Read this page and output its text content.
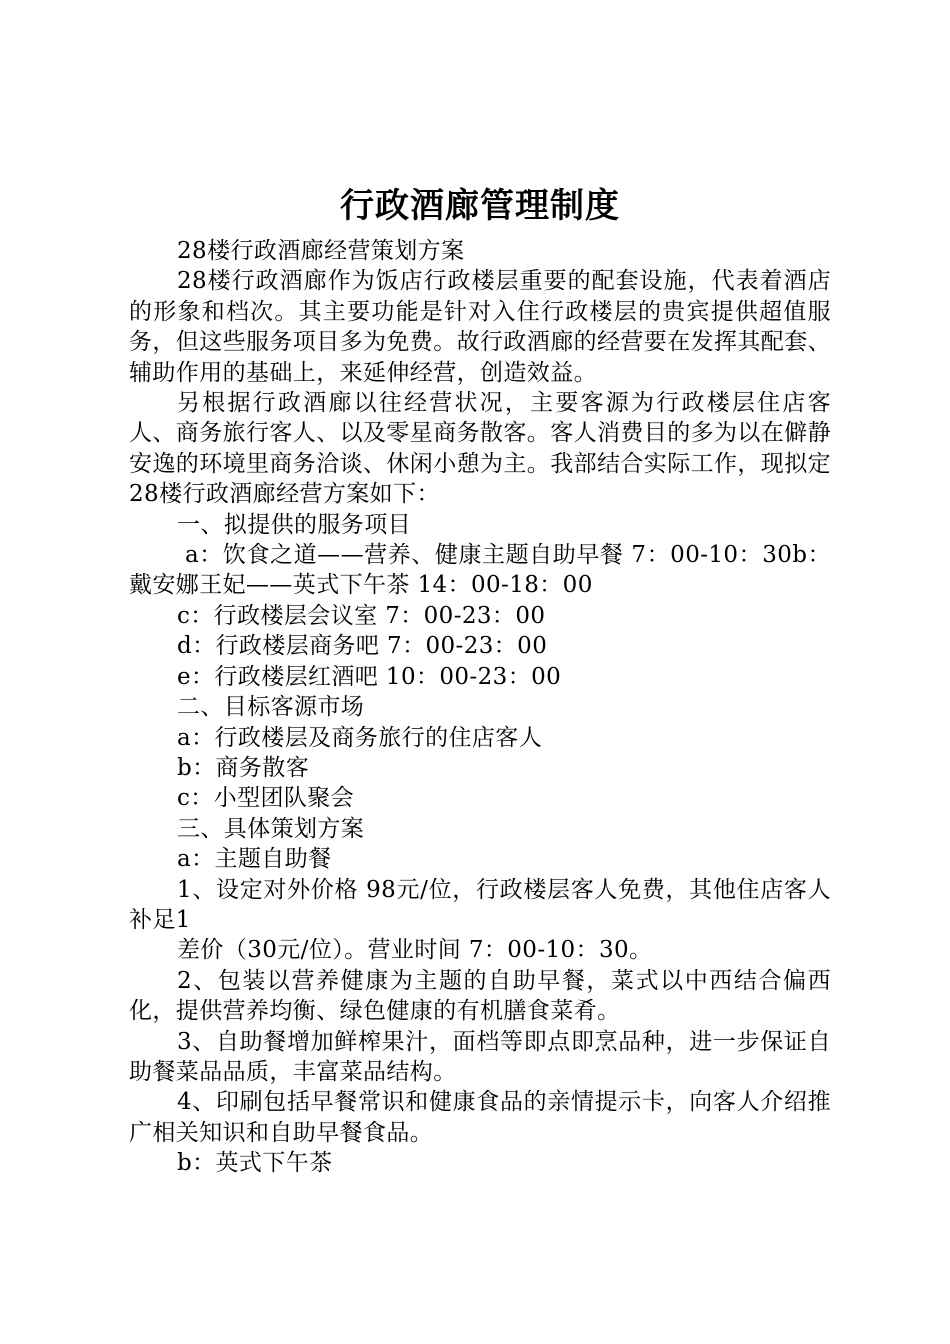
行政酒廊管理制度

28楼行政酒廊经营策划方案

28楼行政酒廊作为饭店行政楼层重要的配套设施，代表着酒店的形象和档次。其主要功能是针对入住行政楼层的贵宾提供超值服务，但这些服务项目多为免费。故行政酒廊的经营要在发挥其配套、辅助作用的基础上，来延伸经营，创造效益。

另根据行政酒廊以往经营状况，主要客源为行政楼层住店客人、商务旅行客人、以及零星商务散客。客人消费目的多为以在僻静安逸的环境里商务洽谈、休闲小憩为主。我部结合实际工作，现拟定28楼行政酒廊经营方案如下：

一、拟提供的服务项目

a：饮食之道——营养、健康主题自助早餐 7：00-10：30b：戴安娜王妃——英式下午茶 14：00-18：00

c：行政楼层会议室 7：00-23：00

d：行政楼层商务吧 7：00-23：00

e：行政楼层红酒吧 10：00-23：00

二、目标客源市场

a：行政楼层及商务旅行的住店客人

b：商务散客

c：小型团队聚会

三、具体策划方案

a：主题自助餐

1、设定对外价格 98元/位，行政楼层客人免费，其他住店客人补足1

差价（30元/位）。营业时间 7：00-10：30。

2、包装以营养健康为主题的自助早餐，菜式以中西结合偏西化，提供营养均衡、绿色健康的有机膳食菜肴。

3、自助餐增加鲜榨果汁，面档等即点即烹品种，进一步保证自助餐菜品品质，丰富菜品结构。

4、印刷包括早餐常识和健康食品的亲情提示卡，向客人介绍推广相关知识和自助早餐食品。

b：英式下午茶
